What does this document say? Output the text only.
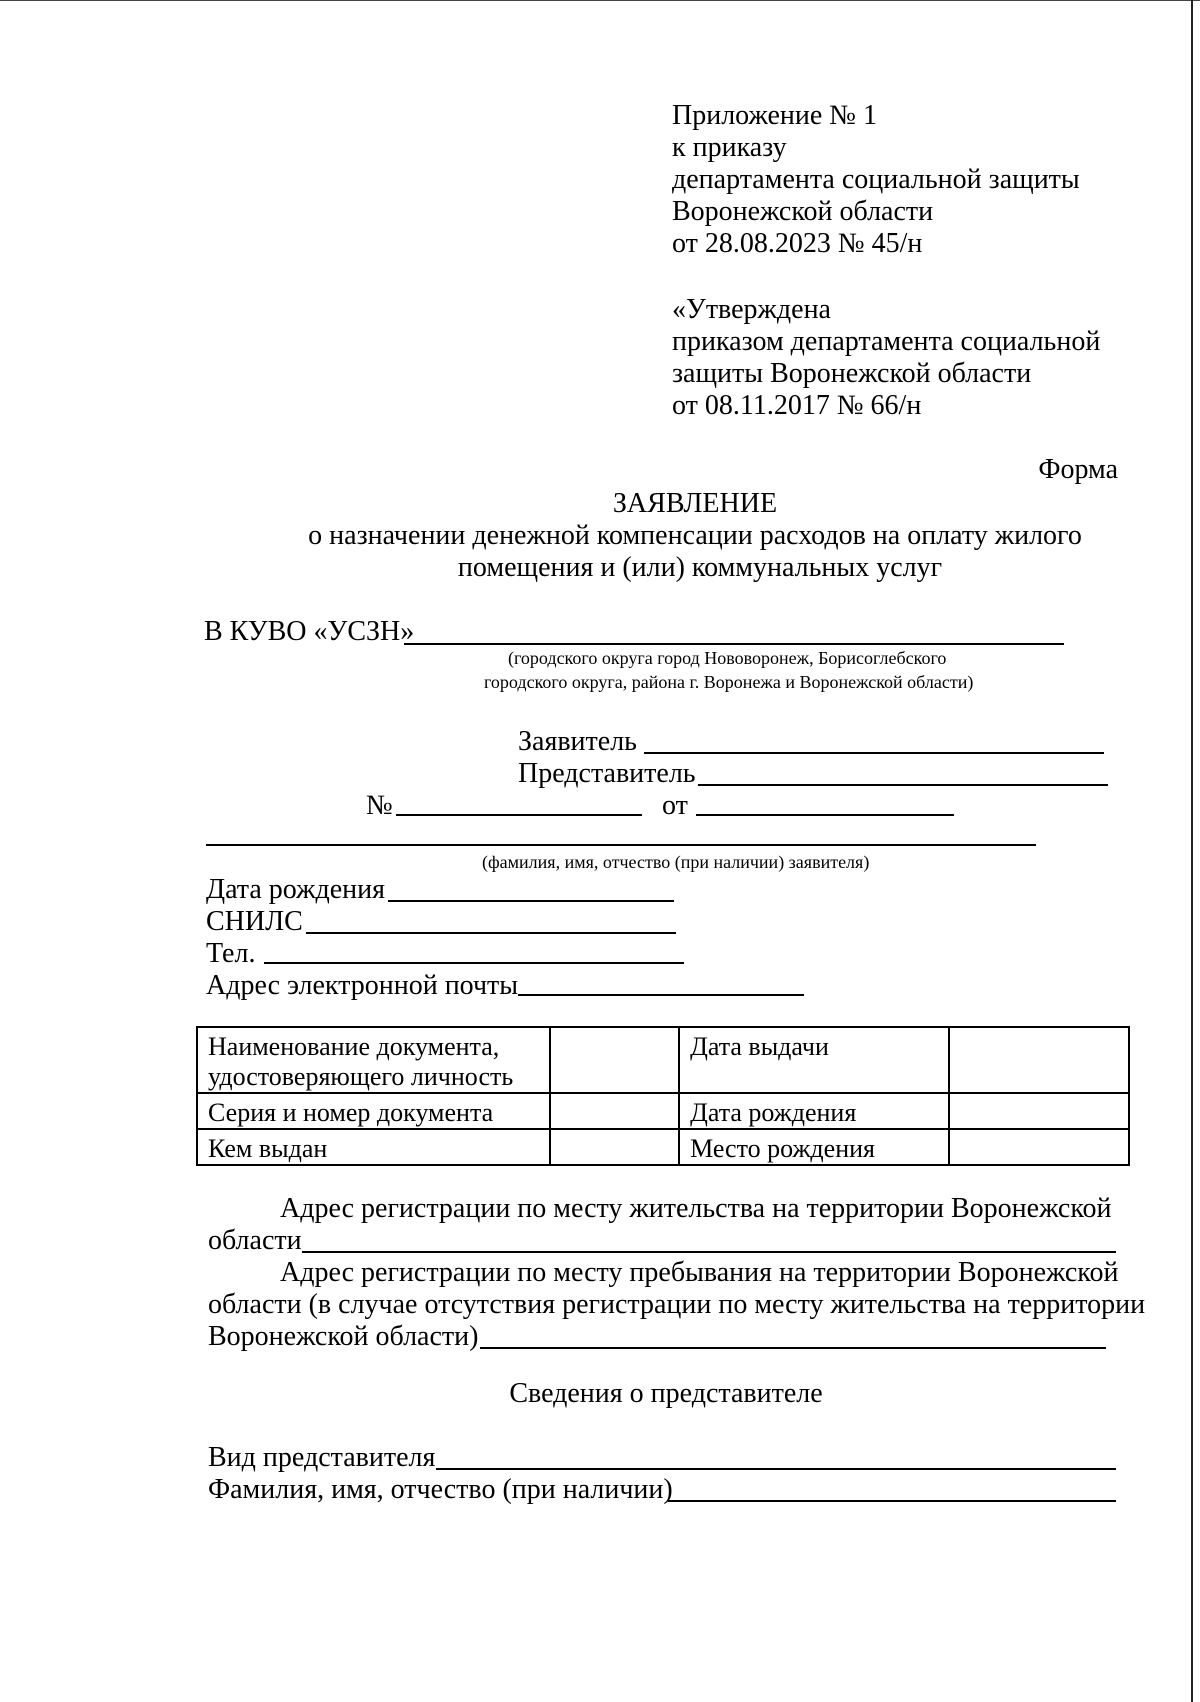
Приложение № 1
к приказу
департамента социальной защиты
Воронежской области
от 28.08.2023 № 45/н
«Утверждена
приказом департамента социальной
защиты Воронежской области
от 08.11.2017 № 66/н
Форма
ЗАЯВЛЕНИЕ
о назначении денежной компенсации расходов на оплату жилого
помещения и (или) коммунальных услуг
В КУВО «УСЗН»
(городского округа город Нововоронеж, Борисоглебского
городского округа, района г. Воронежа и Воронежской области)
Заявитель
Представитель
№	от
(фамилия, имя, отчество (при наличии) заявителя)
Дата рождения
СНИЛС
Тел.
Адрес электронной почты
Наименование документа, удостоверяющего личность		Дата выдачи	
Серия и номер документа		Дата рождения	
Кем выдан		Место рождения	
Адрес регистрации по месту жительства на территории Воронежской
области
Адрес регистрации по месту пребывания на территории Воронежской
области (в случае отсутствия регистрации по месту жительства на территории
Воронежской области)
Сведения о представителе
Вид представителя
Фамилия, имя, отчество (при наличии)
